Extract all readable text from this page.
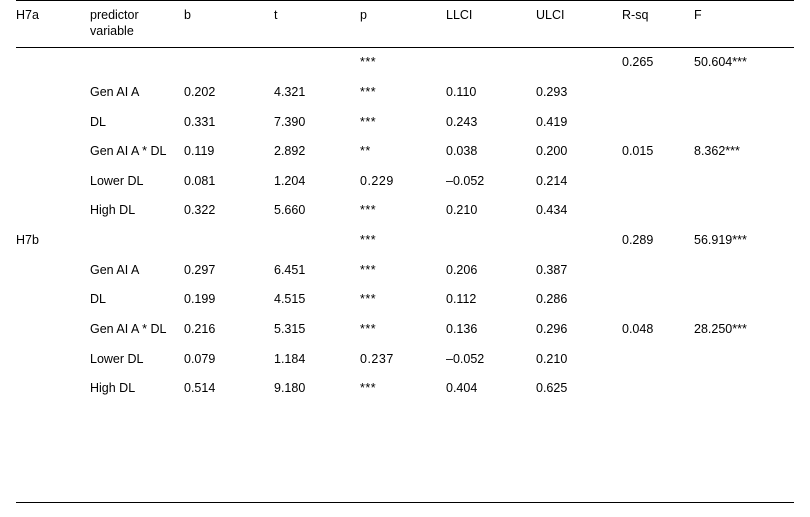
H7a	predictor variable	b	t	p	LLCI	ULCI	R-sq	F
				***			0.265	50.604***
	Gen AI A	0.202	4.321	***	0.110	0.293		
	DL	0.331	7.390	***	0.243	0.419		
	Gen AI A * DL	0.119	2.892	**	0.038	0.200	0.015	8.362***
	Lower DL	0.081	1.204	0.229	–0.052	0.214		
	High DL	0.322	5.660	***	0.210	0.434		
H7b				***			0.289	56.919***
	Gen AI A	0.297	6.451	***	0.206	0.387		
	DL	0.199	4.515	***	0.112	0.286		
	Gen AI A * DL	0.216	5.315	***	0.136	0.296	0.048	28.250***
	Lower DL	0.079	1.184	0.237	–0.052	0.210		
	High DL	0.514	9.180	***	0.404	0.625		
